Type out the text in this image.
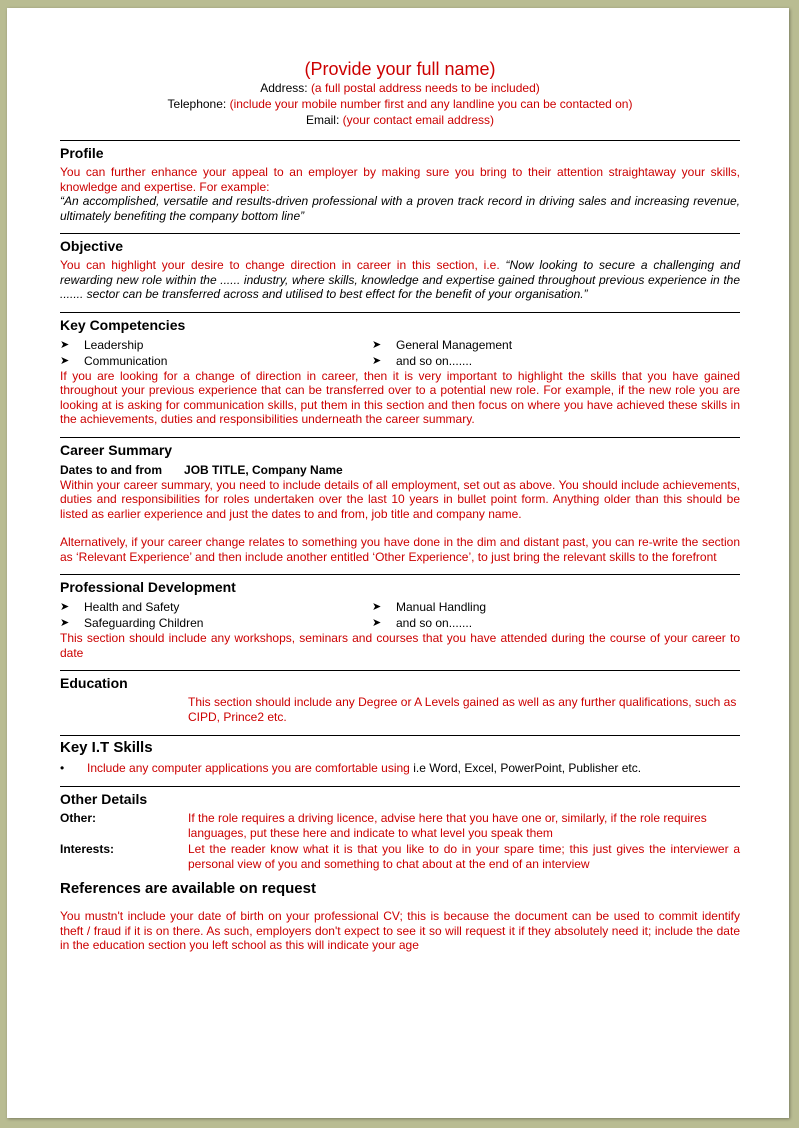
(Provide your full name)
Address: (a full postal address needs to be included)
Telephone: (include your mobile number first and any landline you can be contacted on)
Email: (your contact email address)
Profile
You can further enhance your appeal to an employer by making sure you bring to their attention straightaway your skills, knowledge and expertise. For example:
“An accomplished, versatile and results-driven professional with a proven track record in driving sales and increasing revenue, ultimately benefiting the company bottom line”
Objective
You can highlight your desire to change direction in career in this section, i.e. “Now looking to secure a challenging and rewarding new role within the ...... industry, where skills, knowledge and expertise gained throughout previous experience in the ....... sector can be transferred across and utilised to best effect for the benefit of your organisation.”
Key Competencies
➤ Leadership	➤ General Management
➤ Communication	➤ and so on.......
If you are looking for a change of direction in career, then it is very important to highlight the skills that you have gained throughout your previous experience that can be transferred over to a potential new role. For example, if the new role you are looking at is asking for communication skills, put them in this section and then focus on where you have achieved these skills in the achievements, duties and responsibilities underneath the career summary.
Career Summary
Dates to and from JOB TITLE, Company Name
Within your career summary, you need to include details of all employment, set out as above. You should include achievements, duties and responsibilities for roles undertaken over the last 10 years in bullet point form. Anything older than this should be listed as earlier experience and just the dates to and from, job title and company name.
Alternatively, if your career change relates to something you have done in the dim and distant past, you can re-write the section as ‘Relevant Experience’ and then include another entitled ‘Other Experience’, to just bring the relevant skills to the forefront
Professional Development
➤ Health and Safety	➤ Manual Handling
➤ Safeguarding Children	➤ and so on.......
This section should include any workshops, seminars and courses that you have attended during the course of your career to date
Education
This section should include any Degree or A Levels gained as well as any further qualifications, such as CIPD, Prince2 etc.
Key I.T Skills
• Include any computer applications you are comfortable using i.e Word, Excel, PowerPoint, Publisher etc.
Other Details
Other:	If the role requires a driving licence, advise here that you have one or, similarly, if the role requires languages, put these here and indicate to what level you speak them
Interests:	Let the reader know what it is that you like to do in your spare time; this just gives the interviewer a personal view of you and something to chat about at the end of an interview
References are available on request
You mustn't include your date of birth on your professional CV; this is because the document can be used to commit identify theft / fraud if it is on there. As such, employers don't expect to see it so will request it if they absolutely need it; include the date in the education section you left school as this will indicate your age
